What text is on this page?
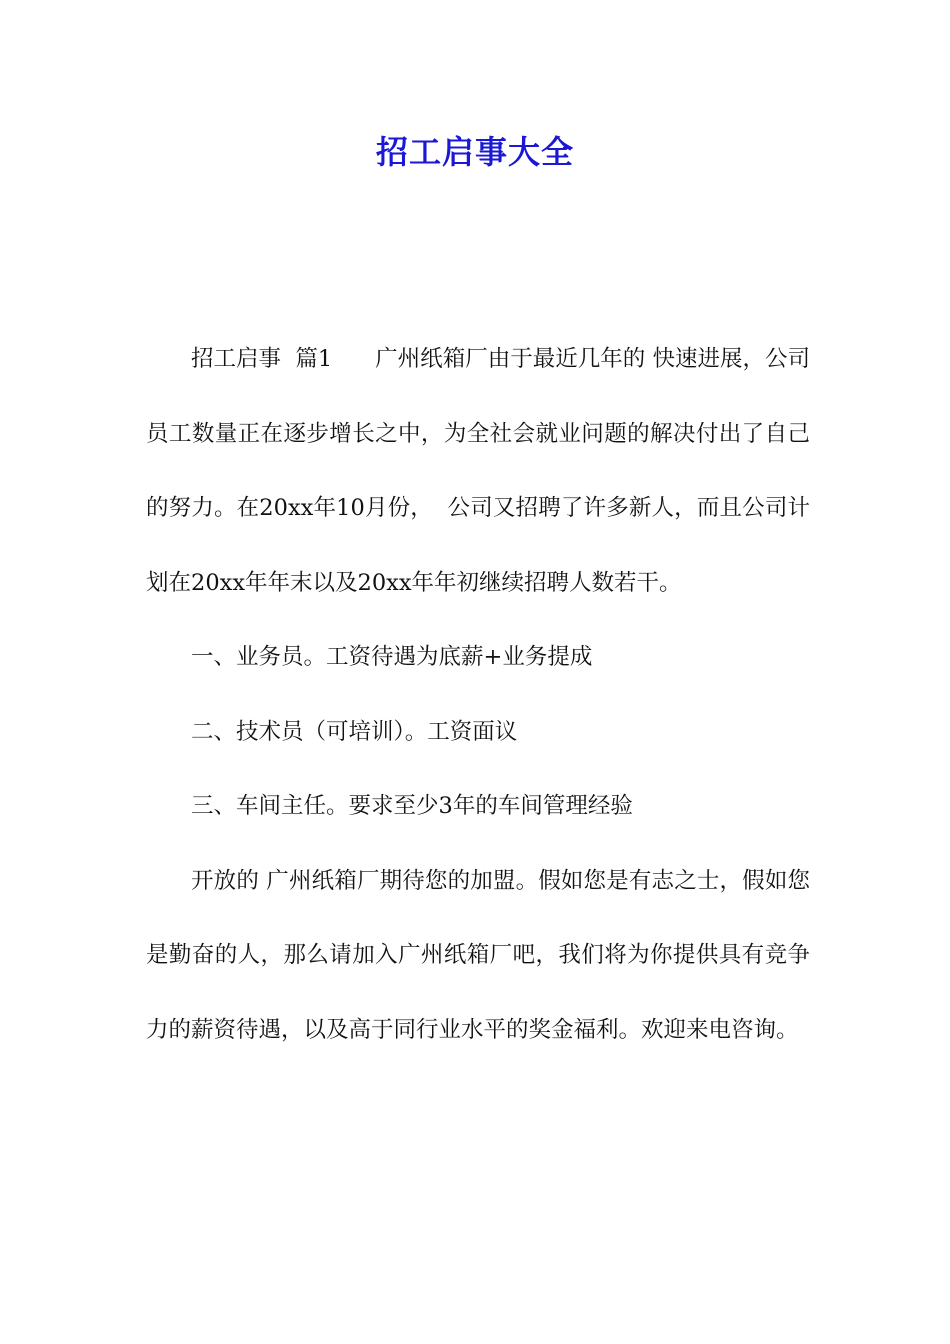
招工启事大全

招工启事  篇1      广州纸箱厂由于最近几年的 快速进展，公司员工数量正在逐步增长之中，为全社会就业问题的解决付出了自己的努力。在20xx年10月份，  公司又招聘了许多新人，而且公司计划在20xx年年末以及20xx年年初继续招聘人数若干。

一、业务员。工资待遇为底薪+业务提成

二、技术员（可培训）。工资面议

三、车间主任。要求至少3年的车间管理经验

开放的 广州纸箱厂期待您的加盟。假如您是有志之士，假如您是勤奋的人，那么请加入广州纸箱厂吧，我们将为你提供具有竞争力的薪资待遇，以及高于同行业水平的奖金福利。欢迎来电咨询。
